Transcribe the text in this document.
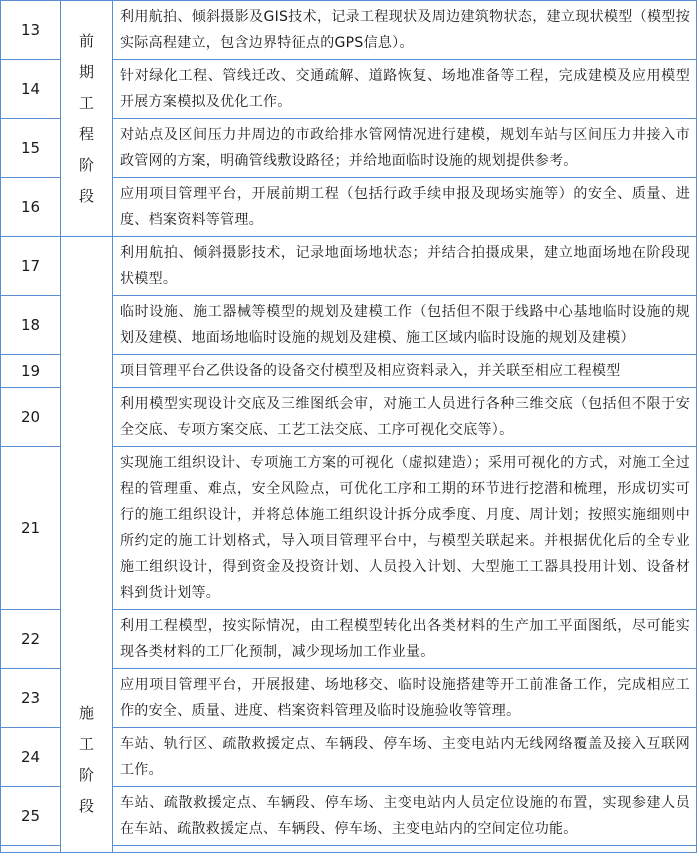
13	前期工程阶段	利用航拍、倾斜摄影及GIS技术，记录工程现状及周边建筑物状态，建立现状模型（模型按实际高程建立，包含边界特征点的GPS信息）。
14		针对绿化工程、管线迁改、交通疏解、道路恢复、场地准备等工程，完成建模及应用模型开展方案模拟及优化工作。
15		对站点及区间压力井周边的市政给排水管网情况进行建模，规划车站与区间压力井接入市政管网的方案，明确管线敷设路径；并给地面临时设施的规划提供参考。
16		应用项目管理平台，开展前期工程（包括行政手续申报及现场实施等）的安全、质量、进度、档案资料等管理。
17	施工阶段	利用航拍、倾斜摄影技术，记录地面场地状态；并结合拍摄成果，建立地面场地在阶段现状模型。
18		临时设施、施工器械等模型的规划及建模工作（包括但不限于线路中心基地临时设施的规划及建模、地面场地临时设施的规划及建模、施工区域内临时设施的规划及建模）
19		项目管理平台乙供设备的设备交付模型及相应资料录入，并关联至相应工程模型
20		利用模型实现设计交底及三维图纸会审，对施工人员进行各种三维交底（包括但不限于安全交底、专项方案交底、工艺工法交底、工序可视化交底等）。
21		实现施工组织设计、专项施工方案的可视化（虚拟建造）；采用可视化的方式，对施工全过程的管理重、难点，安全风险点，可优化工序和工期的环节进行挖潜和梳理，形成切实可行的施工组织设计，并将总体施工组织设计拆分成季度、月度、周计划；按照实施细则中所约定的施工计划格式，导入项目管理平台中，与模型关联起来。并根据优化后的全专业施工组织设计，得到资金及投资计划、人员投入计划、大型施工工器具投用计划、设备材料到货计划等。
22		利用工程模型，按实际情况，由工程模型转化出各类材料的生产加工平面图纸，尽可能实现各类材料的工厂化预制，减少现场加工作业量。
23		应用项目管理平台，开展报建、场地移交、临时设施搭建等开工前准备工作，完成相应工作的安全、质量、进度、档案资料管理及临时设施验收等管理。
24		车站、轨行区、疏散救援定点、车辆段、停车场、主变电站内无线网络覆盖及接入互联网工作。
25		车站、疏散救援定点、车辆段、停车场、主变电站内人员定位设施的布置，实现参建人员在车站、疏散救援定点、车辆段、停车场、主变电站内的空间定位功能。
